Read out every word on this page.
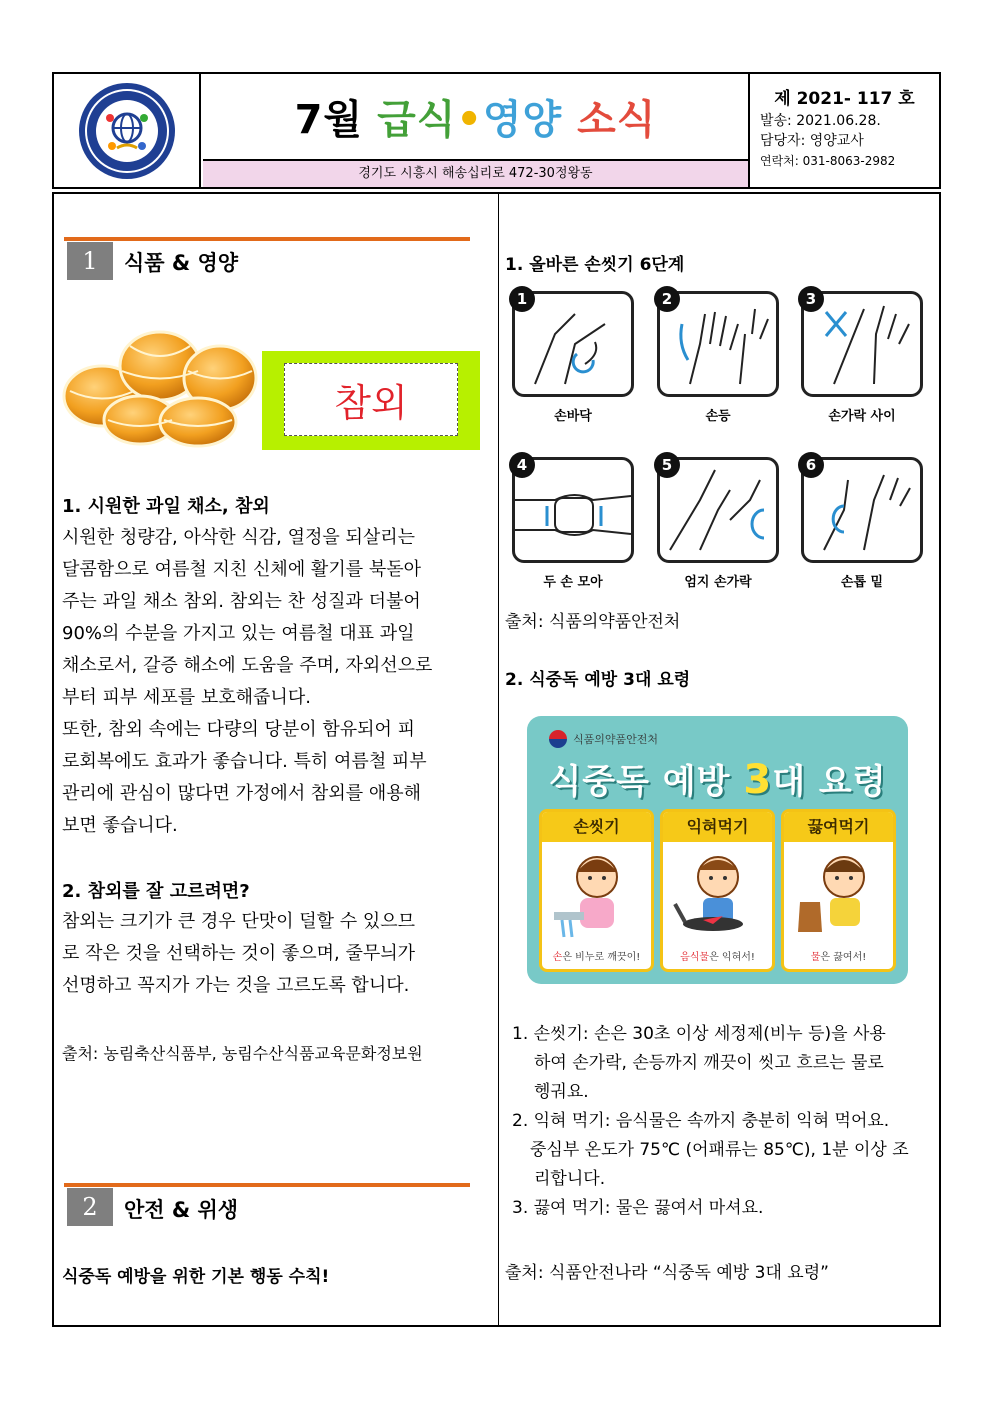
7월 급식•영양 소식
경기도 시흥시 해송십리로 472-30정왕동
제 2021- 117 호
발송: 2021.06.28.
담당자: 영양교사
연락처: 031-8063-2982
1	식품 & 영양
참외
1. 시원한 과일 채소, 참외
시원한 청량감, 아삭한 식감, 열정을 되살리는
달콤함으로 여름철 지친 신체에 활기를 북돋아
주는 과일 채소 참외. 참외는 찬 성질과 더불어
90%의 수분을 가지고 있는 여름철 대표 과일
채소로서, 갈증 해소에 도움을 주며, 자외선으로
부터 피부 세포를 보호해줍니다.
또한, 참외 속에는 다량의 당분이 함유되어 피
로회복에도 효과가 좋습니다. 특히 여름철 피부
관리에 관심이 많다면 가정에서 참외를 애용해
보면 좋습니다.
2. 참외를 잘 고르려면?
참외는 크기가 큰 경우 단맛이 덜할 수 있으므
로 작은 것을 선택하는 것이 좋으며, 줄무늬가
선명하고 꼭지가 가는 것을 고르도록 합니다.
출처: 농림축산식품부, 농림수산식품교육문화정보원
2	안전 & 위생
식중독 예방을 위한 기본 행동 수칙!
1. 올바른 손씻기 6단계
1
손바닥
2
손등
3
손가락 사이
4
두 손 모아
5
엄지 손가락
6
손톱 밑
출처: 식품의약품안전처
2. 식중독 예방 3대 요령
식품의약품안전처
식중독 예방 3대 요령
손씻기
손은 비누로 깨끗이!
익혀먹기
음식물은 익혀서!
끓여먹기
물은 끓여서!
1. 손씻기: 손은 30초 이상 세정제(비누 등)을 사용
하여 손가락, 손등까지 깨끗이 씻고 흐르는 물로
헹궈요.
2. 익혀 먹기: 음식물은 속까지 충분히 익혀 먹어요.
중심부 온도가 75℃ (어패류는 85℃), 1분 이상 조
리합니다.
3. 끓여 먹기: 물은 끓여서 마셔요.
출처: 식품안전나라 “식중독 예방 3대 요령”
